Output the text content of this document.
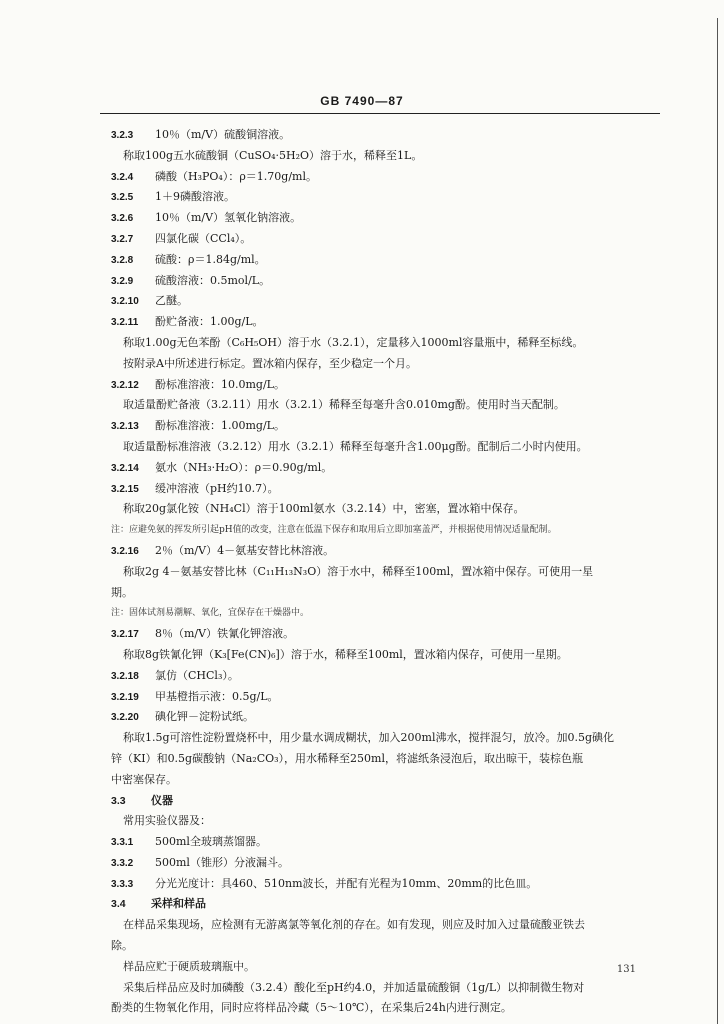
GB 7490—87
3.2.3 10％（m/V）硫酸铜溶液。
称取100g五水硫酸铜（CuSO₄·5H₂O）溶于水，稀释至1L。
3.2.4 磷酸（H₃PO₄）：ρ＝1.70g/ml。
3.2.5 1＋9磷酸溶液。
3.2.6 10％（m/V）氢氧化钠溶液。
3.2.7 四氯化碳（CCl₄）。
3.2.8 硫酸：ρ＝1.84g/ml。
3.2.9 硫酸溶液：0.5mol/L。
3.2.10 乙醚。
3.2.11 酚贮备液：1.00g/L。
称取1.00g无色苯酚（C₆H₅OH）溶于水（3.2.1），定量移入1000ml容量瓶中，稀释至标线。
按附录A中所述进行标定。置冰箱内保存，至少稳定一个月。
3.2.12 酚标准溶液：10.0mg/L。
取适量酚贮备液（3.2.11）用水（3.2.1）稀释至每毫升含0.010mg酚。使用时当天配制。
3.2.13 酚标准溶液：1.00mg/L。
取适量酚标准溶液（3.2.12）用水（3.2.1）稀释至每毫升含1.00μg酚。配制后二小时内使用。
3.2.14 氨水（NH₃·H₂O）：ρ＝0.90g/ml。
3.2.15 缓冲溶液（pH约10.7）。
称取20g氯化铵（NH₄Cl）溶于100ml氨水（3.2.14）中，密塞，置冰箱中保存。
注：应避免氨的挥发所引起pH值的改变，注意在低温下保存和取用后立即加塞盖严，并根据使用情况适量配制。
3.2.16 2％（m/V）4－氨基安替比林溶液。
称取2g 4－氨基安替比林（C₁₁H₁₃N₃O）溶于水中，稀释至100ml，置冰箱中保存。可使用一星
期。
注：固体试剂易潮解、氧化，宜保存在干燥器中。
3.2.17 8％（m/V）铁氰化钾溶液。
称取8g铁氰化钾（K₃[Fe(CN)₆]）溶于水，稀释至100ml，置冰箱内保存，可使用一星期。
3.2.18 氯仿（CHCl₃）。
3.2.19 甲基橙指示液：0.5g/L。
3.2.20 碘化钾－淀粉试纸。
称取1.5g可溶性淀粉置烧杯中，用少量水调成糊状，加入200ml沸水，搅拌混匀，放冷。加0.5g碘化
锌（KI）和0.5g碳酸钠（Na₂CO₃），用水稀释至250ml，将滤纸条浸泡后，取出晾干，装棕色瓶
中密塞保存。
3.3 仪器
常用实验仪器及：
3.3.1 500ml全玻璃蒸馏器。
3.3.2 500ml（锥形）分液漏斗。
3.3.3 分光光度计：具460、510nm波长，并配有光程为10mm、20mm的比色皿。
3.4 采样和样品
在样品采集现场，应检测有无游离氯等氧化剂的存在。如有发现，则应及时加入过量硫酸亚铁去
除。
样品应贮于硬质玻璃瓶中。
采集后样品应及时加磷酸（3.2.4）酸化至pH约4.0，并加适量硫酸铜（1g/L）以抑制微生物对
酚类的生物氧化作用，同时应将样品冷藏（5～10℃），在采集后24h内进行测定。
131
